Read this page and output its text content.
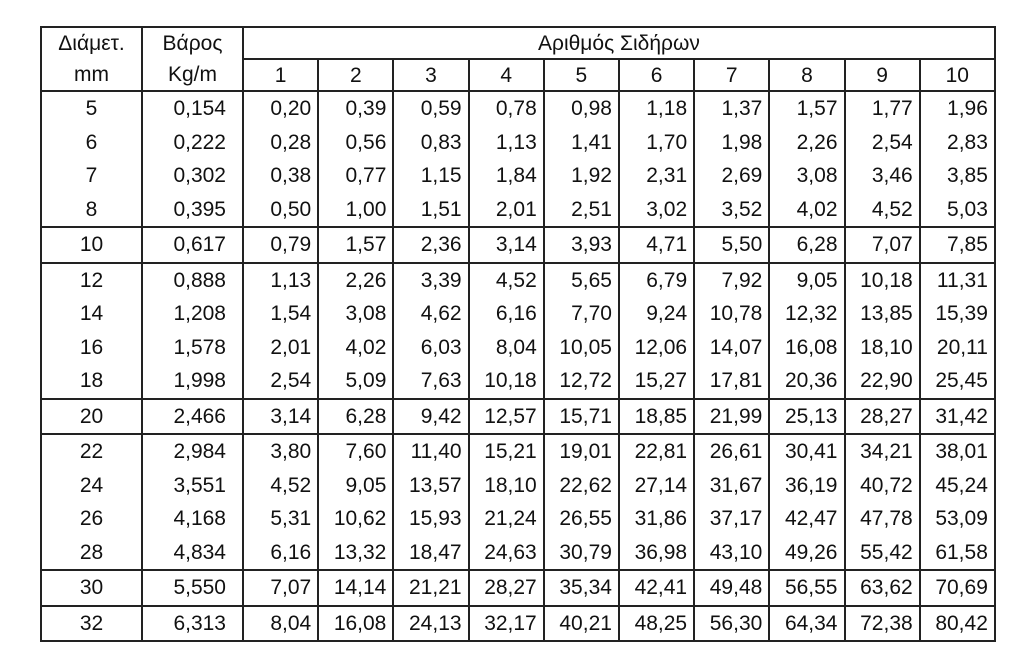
Διάμετ.	Βάρος	Αριθμός Σιδήρων									
mm	Kg/m	1	2	3	4	5	6	7	8	9	10
5	0,154	0,20	0,39	0,59	0,78	0,98	1,18	1,37	1,57	1,77	1,96
6	0,222	0,28	0,56	0,83	1,13	1,41	1,70	1,98	2,26	2,54	2,83
7	0,302	0,38	0,77	1,15	1,84	1,92	2,31	2,69	3,08	3,46	3,85
8	0,395	0,50	1,00	1,51	2,01	2,51	3,02	3,52	4,02	4,52	5,03
10	0,617	0,79	1,57	2,36	3,14	3,93	4,71	5,50	6,28	7,07	7,85
12	0,888	1,13	2,26	3,39	4,52	5,65	6,79	7,92	9,05	10,18	11,31
14	1,208	1,54	3,08	4,62	6,16	7,70	9,24	10,78	12,32	13,85	15,39
16	1,578	2,01	4,02	6,03	8,04	10,05	12,06	14,07	16,08	18,10	20,11
18	1,998	2,54	5,09	7,63	10,18	12,72	15,27	17,81	20,36	22,90	25,45
20	2,466	3,14	6,28	9,42	12,57	15,71	18,85	21,99	25,13	28,27	31,42
22	2,984	3,80	7,60	11,40	15,21	19,01	22,81	26,61	30,41	34,21	38,01
24	3,551	4,52	9,05	13,57	18,10	22,62	27,14	31,67	36,19	40,72	45,24
26	4,168	5,31	10,62	15,93	21,24	26,55	31,86	37,17	42,47	47,78	53,09
28	4,834	6,16	13,32	18,47	24,63	30,79	36,98	43,10	49,26	55,42	61,58
30	5,550	7,07	14,14	21,21	28,27	35,34	42,41	49,48	56,55	63,62	70,69
32	6,313	8,04	16,08	24,13	32,17	40,21	48,25	56,30	64,34	72,38	80,42
